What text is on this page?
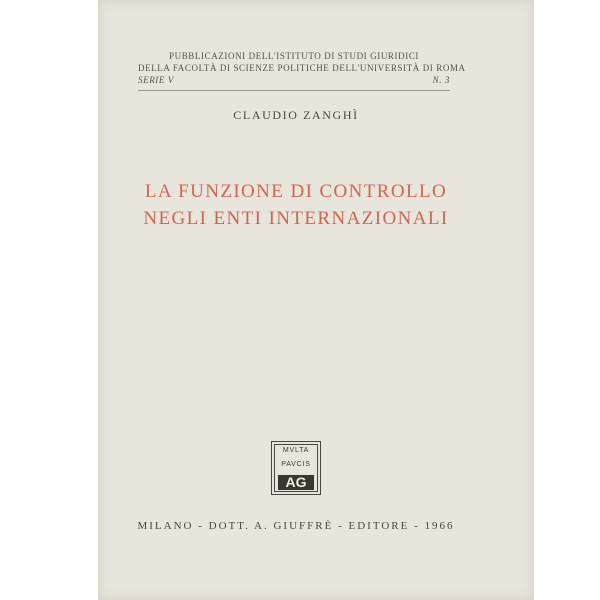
PUBBLICAZIONI DELL'ISTITUTO DI STUDI GIURIDICI
DELLA FACOLTÀ DI SCIENZE POLITICHE DELL'UNIVERSITÀ DI ROMA
SERIE V	N. 3
CLAUDIO ZANGHÌ
LA FUNZIONE DI CONTROLLO
NEGLI ENTI INTERNAZIONALI
MVLTA
PAVCIS
AG
MILANO - DOTT. A. GIUFFRÈ - EDITORE - 1966
